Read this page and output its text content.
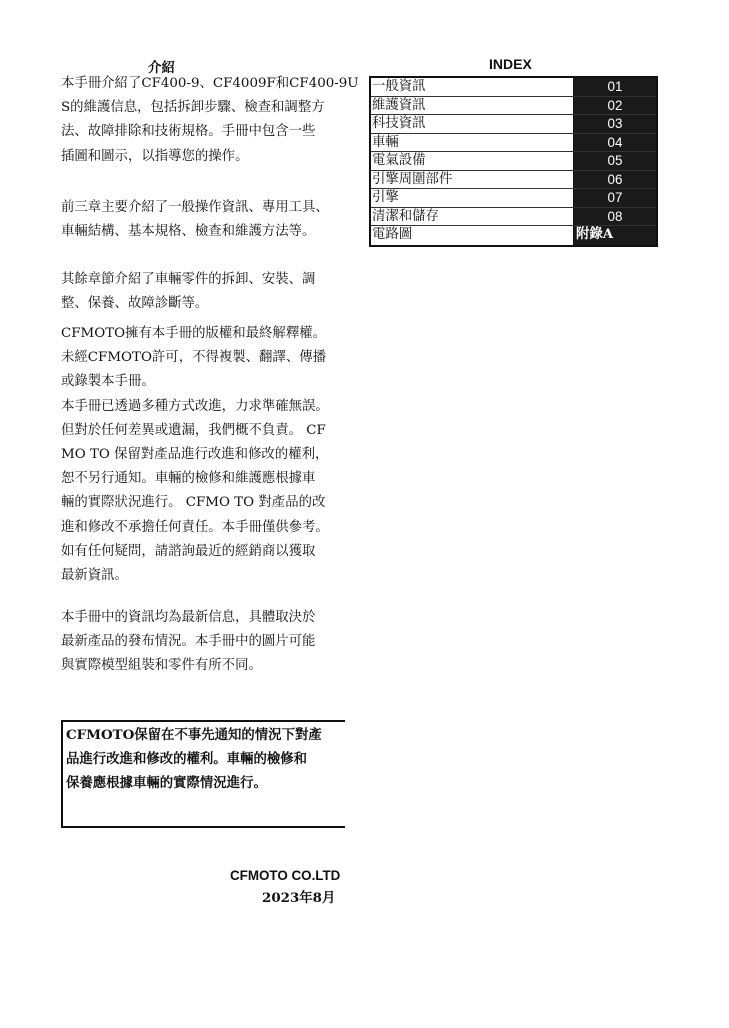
介紹	INDEX
本手冊介紹了CF400-9、CF4009F和CF400-9U
S的維護信息，包括拆卸步驟、檢查和調整方
法、故障排除和技術規格。手冊中包含一些
插圖和圖示，以指導您的操作。
前三章主要介紹了一般操作資訊、專用工具、
車輛結構、基本規格、檢查和維護方法等。
其餘章節介紹了車輛零件的拆卸、安裝、調
整、保養、故障診斷等。
CFMOTO擁有本手冊的版權和最終解釋權。
未經CFMOTO許可，不得複製、翻譯、傳播
或錄製本手冊。
本手冊已透過多種方式改進，力求準確無誤。
但對於任何差異或遺漏，我們概不負責。 CF
MO TO 保留對產品進行改進和修改的權利，
恕不另行通知。車輛的檢修和維護應根據車
輛的實際狀況進行。 CFMO TO 對產品的改
進和修改不承擔任何責任。本手冊僅供參考。
如有任何疑問，請諮詢最近的經銷商以獲取
最新資訊。
本手冊中的資訊均為最新信息，具體取決於
最新產品的發布情況。本手冊中的圖片可能
與實際模型組裝和零件有所不同。
CFMOTO保留在不事先通知的情況下對產
品進行改進和修改的權利。車輛的檢修和
保養應根據車輛的實際情況進行。
一般資訊	01
維護資訊	02
科技資訊	03
車輛	04
電氣設備	05
引擎周圍部件	06
引擎	07
清潔和儲存	08
電路圖	附錄A
CFMOTO CO.LTD
2023年8月
